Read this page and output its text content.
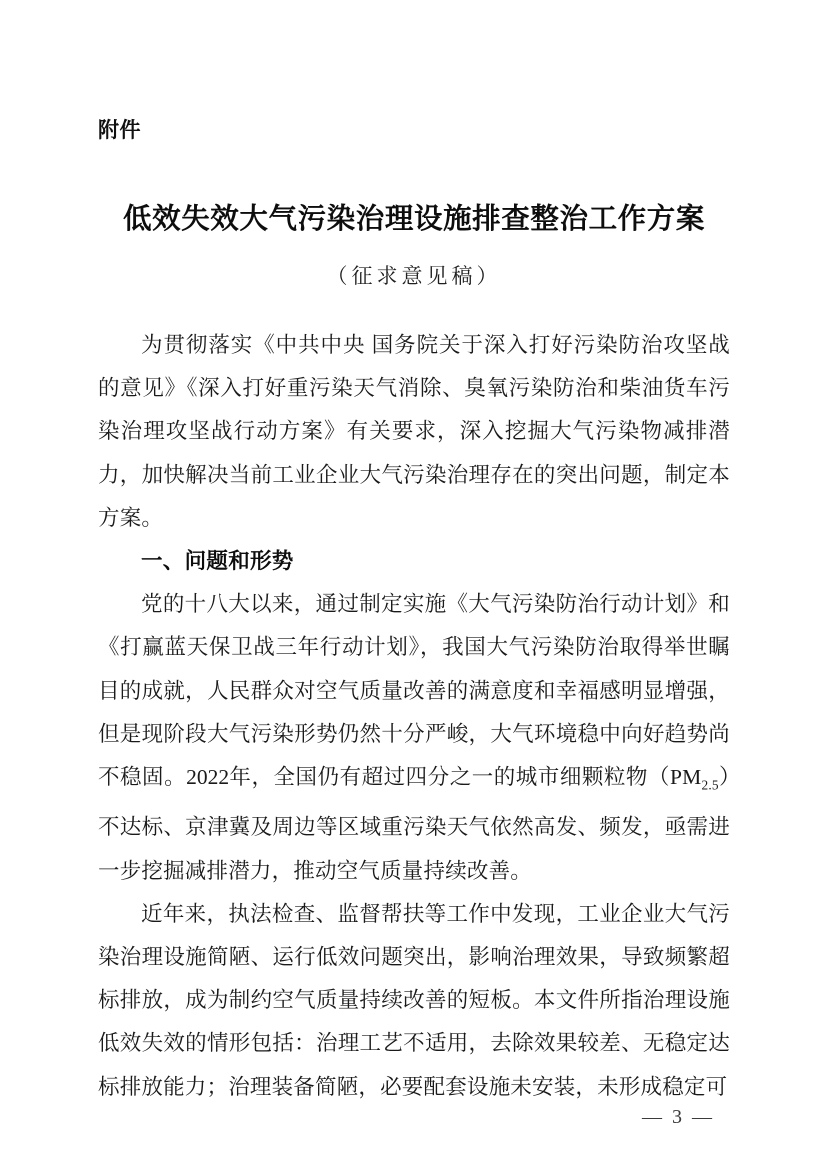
附件
低效失效大气污染治理设施排查整治工作方案
（征求意见稿）

为贯彻落实《中共中央 国务院关于深入打好污染防治攻坚战的意见》《深入打好重污染天气消除、臭氧污染防治和柴油货车污染治理攻坚战行动方案》有关要求，深入挖掘大气污染物减排潜力，加快解决当前工业企业大气污染治理存在的突出问题，制定本方案。

一、问题和形势

党的十八大以来，通过制定实施《大气污染防治行动计划》和《打赢蓝天保卫战三年行动计划》，我国大气污染防治取得举世瞩目的成就，人民群众对空气质量改善的满意度和幸福感明显增强，但是现阶段大气污染形势仍然十分严峻，大气环境稳中向好趋势尚不稳固。2022年，全国仍有超过四分之一的城市细颗粒物$(PM_{2.5})$不达标、京津冀及周边等区域重污染天气依然高发、频发，亟需进一步挖掘减排潜力，推动空气质量持续改善。

近年来，执法检查、监督帮扶等工作中发现，工业企业大气污染治理设施简陋、运行低效问题突出，影响治理效果，导致频繁超标排放，成为制约空气质量持续改善的短板。本文件所指治理设施低效失效的情形包括：治理工艺不适用，去除效果较差、无稳定达标排放能力；治理装备简陋，必要配套设施未安装，未形成稳定可

— 3 —
